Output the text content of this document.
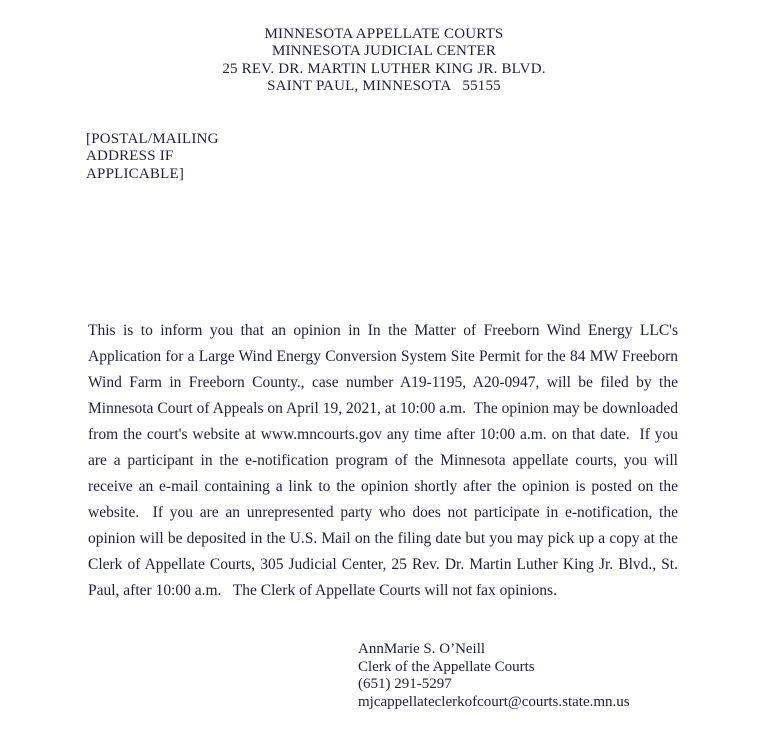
MINNESOTA APPELLATE COURTS
MINNESOTA JUDICIAL CENTER
25 REV. DR. MARTIN LUTHER KING JR. BLVD.
SAINT PAUL, MINNESOTA   55155
[POSTAL/MAILING
ADDRESS IF
APPLICABLE]

This is to inform you that an opinion in In the Matter of Freeborn Wind Energy LLC's Application for a Large Wind Energy Conversion System Site Permit for the 84 MW Freeborn Wind Farm in Freeborn County., case number A19-1195, A20-0947, will be filed by the Minnesota Court of Appeals on April 19, 2021, at 10:00 a.m.  The opinion may be downloaded from the court's website at www.mncourts.gov any time after 10:00 a.m. on that date.  If you are a participant in the e-notification program of the Minnesota appellate courts, you will receive an e-mail containing a link to the opinion shortly after the opinion is posted on the website.  If you are an unrepresented party who does not participate in e-notification, the opinion will be deposited in the U.S. Mail on the filing date but you may pick up a copy at the Clerk of Appellate Courts, 305 Judicial Center, 25 Rev. Dr. Martin Luther King Jr. Blvd., St. Paul, after 10:00 a.m.   The Clerk of Appellate Courts will not fax opinions.

AnnMarie S. O’Neill
Clerk of the Appellate Courts
(651) 291-5297
mjcappellateclerkofcourt@courts.state.mn.us
